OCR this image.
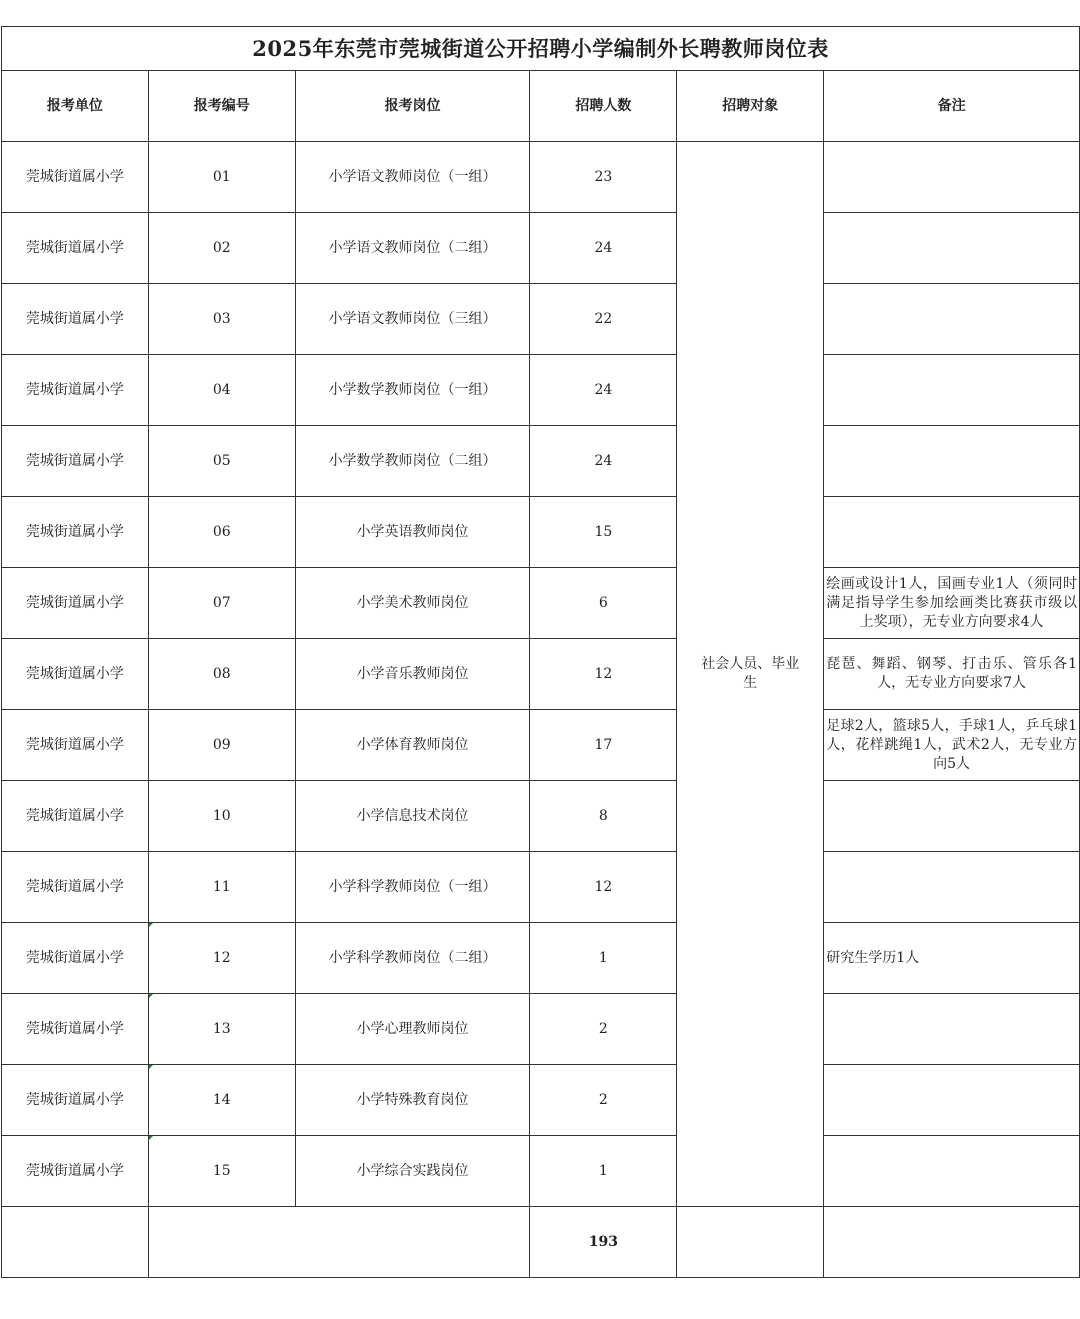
2025年东莞市莞城街道公开招聘小学编制外长聘教师岗位表					
报考单位	报考编号	报考岗位	招聘人数	招聘对象	备注
莞城街道属小学	01	小学语文教师岗位（一组）	23	社会人员、毕业生	
莞城街道属小学	02	小学语文教师岗位（二组）	24		
莞城街道属小学	03	小学语文教师岗位（三组）	22		
莞城街道属小学	04	小学数学教师岗位（一组）	24		
莞城街道属小学	05	小学数学教师岗位（二组）	24		
莞城街道属小学	06	小学英语教师岗位	15		
莞城街道属小学	07	小学美术教师岗位	6		绘画或设计1人，国画专业1人（须同时满足指导学生参加绘画类比赛获市级以上奖项），无专业方向要求4人
莞城街道属小学	08	小学音乐教师岗位	12		琵琶、舞蹈、钢琴、打击乐、管乐各1人，无专业方向要求7人
莞城街道属小学	09	小学体育教师岗位	17		足球2人，篮球5人，手球1人，乒乓球1人，花样跳绳1人，武术2人，无专业方向5人
莞城街道属小学	10	小学信息技术岗位	8		
莞城街道属小学	11	小学科学教师岗位（一组）	12		
莞城街道属小学	12	小学科学教师岗位（二组）	1		研究生学历1人
莞城街道属小学	13	小学心理教师岗位	2		
莞城街道属小学	14	小学特殊教育岗位	2		
莞城街道属小学	15	小学综合实践岗位	1		
			193		
